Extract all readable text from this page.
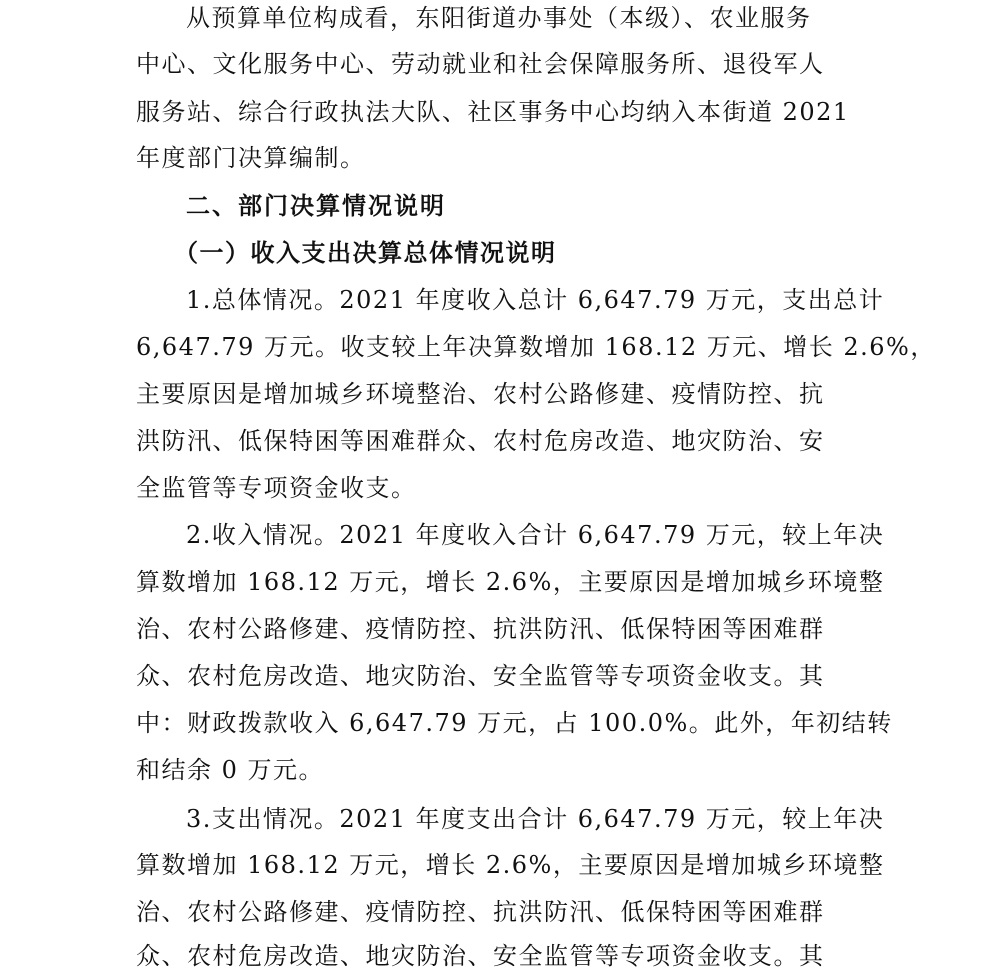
从预算单位构成看，东阳街道办事处（本级）、农业服务
中心、文化服务中心、劳动就业和社会保障服务所、退役军人
服务站、综合行政执法大队、社区事务中心均纳入本街道 2021
年度部门决算编制。
二、部门决算情况说明
（一）收入支出决算总体情况说明
1.总体情况。2021 年度收入总计 6,647.79 万元，支出总计
6,647.79 万元。收支较上年决算数增加 168.12 万元、增长 2.6%，
主要原因是增加城乡环境整治、农村公路修建、疫情防控、抗
洪防汛、低保特困等困难群众、农村危房改造、地灾防治、安
全监管等专项资金收支。
2.收入情况。2021 年度收入合计 6,647.79 万元，较上年决
算数增加 168.12 万元，增长 2.6%，主要原因是增加城乡环境整
治、农村公路修建、疫情防控、抗洪防汛、低保特困等困难群
众、农村危房改造、地灾防治、安全监管等专项资金收支。其
中：财政拨款收入 6,647.79 万元，占 100.0%。此外，年初结转
和结余 0 万元。
3.支出情况。2021 年度支出合计 6,647.79 万元，较上年决
算数增加 168.12 万元，增长 2.6%，主要原因是增加城乡环境整
治、农村公路修建、疫情防控、抗洪防汛、低保特困等困难群
众、农村危房改造、地灾防治、安全监管等专项资金收支。其
